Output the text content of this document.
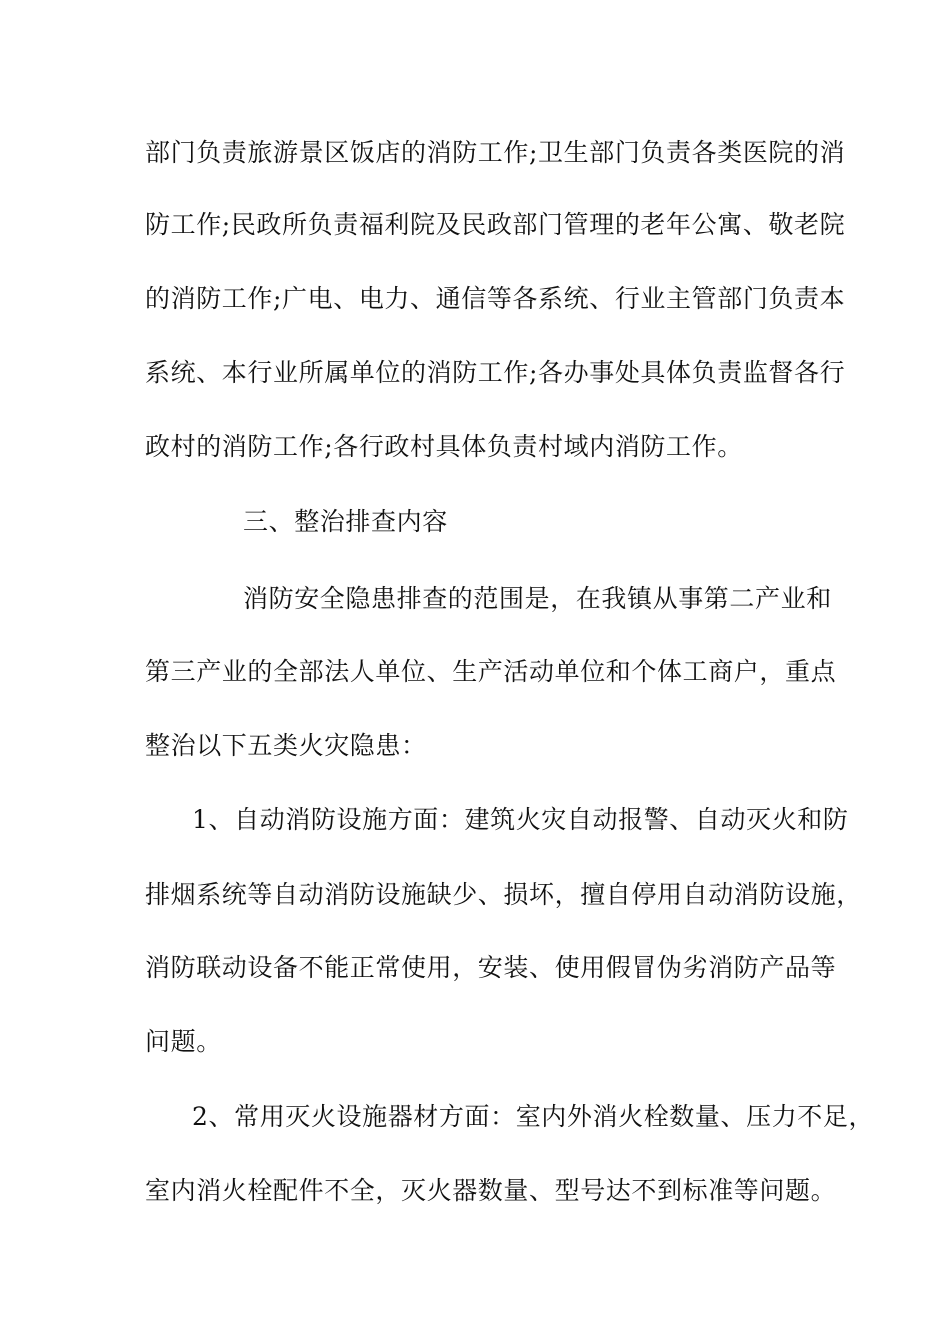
部门负责旅游景区饭店的消防工作;卫生部门负责各类医院的消
防工作;民政所负责福利院及民政部门管理的老年公寓、敬老院
的消防工作;广电、电力、通信等各系统、行业主管部门负责本
系统、本行业所属单位的消防工作;各办事处具体负责监督各行
政村的消防工作;各行政村具体负责村域内消防工作。
三、整治排查内容
消防安全隐患排查的范围是，在我镇从事第二产业和
第三产业的全部法人单位、生产活动单位和个体工商户，重点
整治以下五类火灾隐患：
1、自动消防设施方面：建筑火灾自动报警、自动灭火和防
排烟系统等自动消防设施缺少、损坏，擅自停用自动消防设施，
消防联动设备不能正常使用，安装、使用假冒伪劣消防产品等
问题。
2、常用灭火设施器材方面：室内外消火栓数量、压力不足，
室内消火栓配件不全，灭火器数量、型号达不到标准等问题。
